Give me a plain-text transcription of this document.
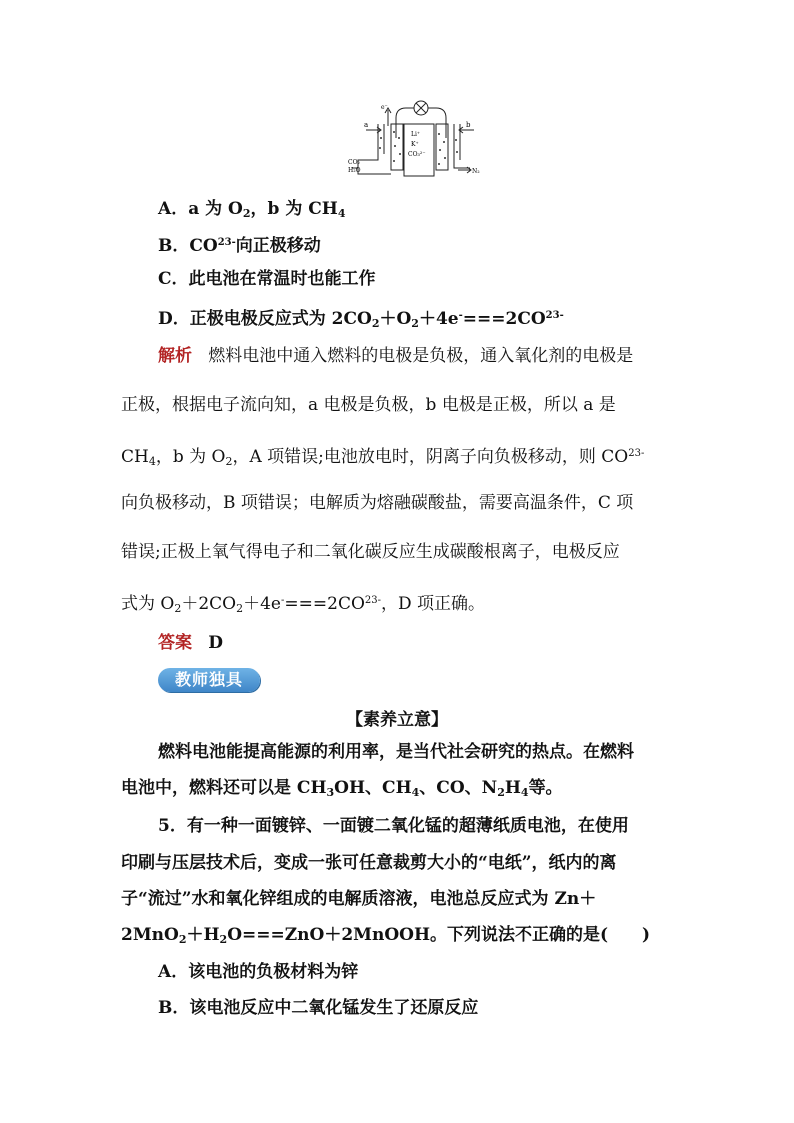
e⁻
a	b
Li⁺
K⁺
CO₃²⁻
CO₂
H₂O	N₂
A．a 为 $O_2$，b 为 $CH_4$
B．$CO^{23-}$向正极移动
C．此电池在常温时也能工作
D．正极电极反应式为 $2CO_2+O_2+4e^-===2CO^{23-}$
解析 燃料电池中通入燃料的电极是负极，通入氧化剂的电极是
正极，根据电子流向知，a 电极是负极，b 电极是正极，所以 a 是
$CH_4$，b 为 $O_2$，A 项错误;电池放电时，阴离子向负极移动，则 $CO^{23-}$
向负极移动，B 项错误；电解质为熔融碳酸盐，需要高温条件，C 项
错误;正极上氧气得电子和二氧化碳反应生成碳酸根离子，电极反应
式为 $O_2+2CO_2+4e^-===2CO^{23-}$，D 项正确。
答案 D
教师独具
【素养立意】
燃料电池能提高能源的利用率，是当代社会研究的热点。在燃料
电池中，燃料还可以是 $CH_3OH$、$CH_4$、CO、$N_2H_4$等。
5．有一种一面镀锌、一面镀二氧化锰的超薄纸质电池，在使用
印刷与压层技术后，变成一张可任意裁剪大小的“电纸”，纸内的离
子“流过”水和氧化锌组成的电解质溶液，电池总反应式为 Zn＋
$2MnO_2+H_2O===ZnO+2MnOOH$。下列说法不正确的是(　　)
A．该电池的负极材料为锌
B．该电池反应中二氧化锰发生了还原反应
